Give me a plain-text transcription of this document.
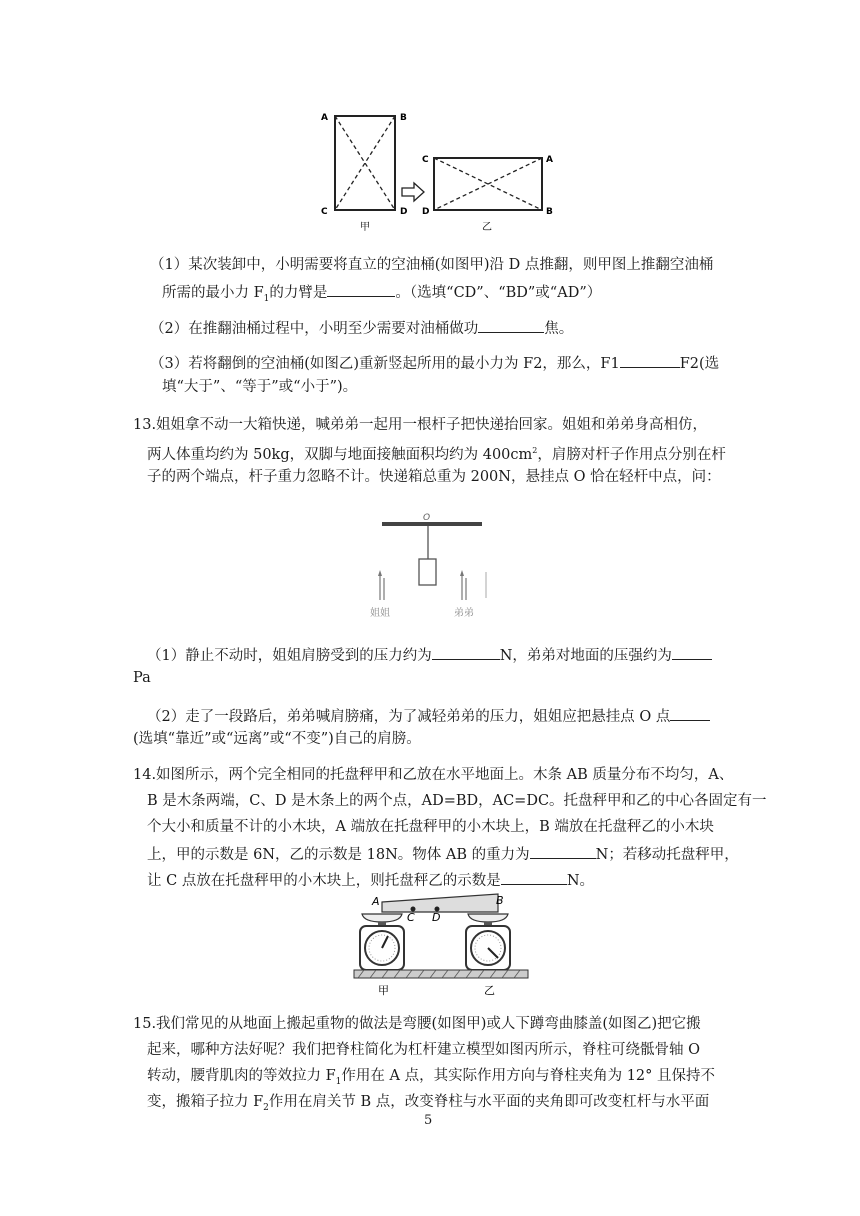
A	B
C	D
C	A
D	B
甲	乙
（1）某次装卸中，小明需要将直立的空油桶(如图甲)沿 D 点推翻，则甲图上推翻空油桶
所需的最小力 $F_1$的力臂是	。（选填“CD”、“BD”或“AD”）
（2）在推翻油桶过程中，小明至少需要对油桶做功	焦。
（3）若将翻倒的空油桶(如图乙)重新竖起所用的最小力为 F2，那么，F1	F2(选
填“大于”、“等于”或“小于”)。
13.姐姐拿不动一大箱快递，喊弟弟一起用一根杆子把快递抬回家。姐姐和弟弟身高相仿，
两人体重均约为 50kg，双脚与地面接触面积均约为 $400cm^2$，肩膀对杆子作用点分别在杆
子的两个端点，杆子重力忽略不计。快递箱总重为 200N，悬挂点 O 恰在轻杆中点，问：
O
姐姐	弟弟
（1）静止不动时，姐姐肩膀受到的压力约为	N，弟弟对地面的压强约为
Pa
（2）走了一段路后，弟弟喊肩膀痛，为了减轻弟弟的压力，姐姐应把悬挂点 O 点
(选填“靠近”或“远离”或“不变”)自己的肩膀。
14.如图所示，两个完全相同的托盘秤甲和乙放在水平地面上。木条 AB 质量分布不均匀，A、
B 是木条两端，C、D 是木条上的两个点，AD=BD，AC=DC。托盘秤甲和乙的中心各固定有一
个大小和质量不计的小木块，A 端放在托盘秤甲的小木块上，B 端放在托盘秤乙的小木块
上，甲的示数是 6N，乙的示数是 18N。物体 AB 的重力为	N；若移动托盘秤甲，
让 C 点放在托盘秤甲的小木块上，则托盘秤乙的示数是	N。
A
C D
B
甲	乙
15.我们常见的从地面上搬起重物的做法是弯腰(如图甲)或人下蹲弯曲膝盖(如图乙)把它搬
起来，哪种方法好呢？我们把脊柱简化为杠杆建立模型如图丙所示，脊柱可绕骶骨轴 O
转动，腰背肌肉的等效拉力 $F_1$作用在 A 点，其实际作用方向与脊柱夹角为 12° 且保持不
变，搬箱子拉力 $F_2$作用在肩关节 B 点，改变脊柱与水平面的夹角即可改变杠杆与水平面
5
